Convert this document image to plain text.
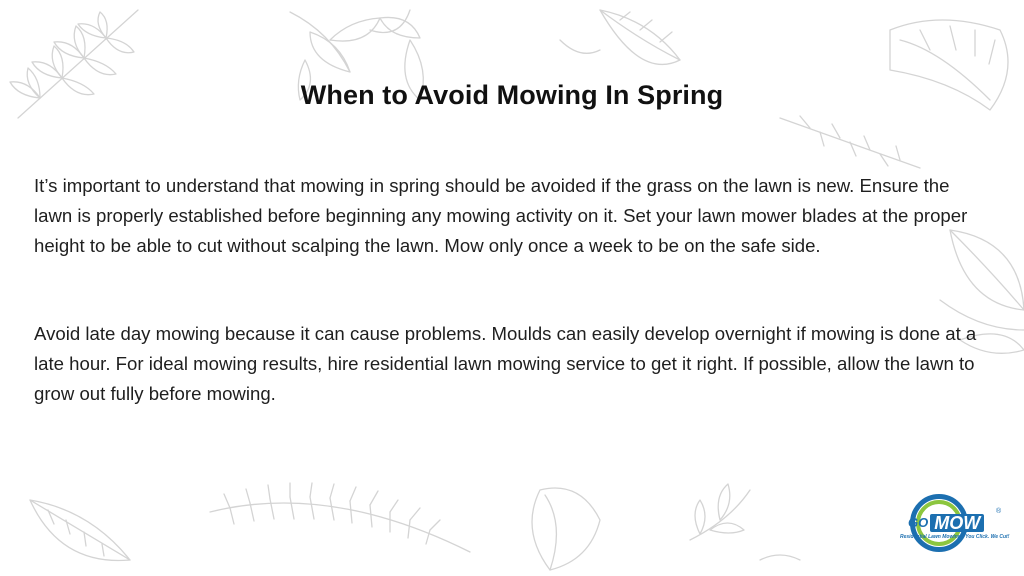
When to Avoid Mowing In Spring

It’s important to understand that mowing in spring should be avoided if the grass on the lawn is new. Ensure the lawn is properly established before beginning any mowing activity on it. Set your lawn mower blades at the proper height to be able to cut without scalping the lawn. Mow only once a week to be on the safe side.

Avoid late day mowing because it can cause problems. Moulds can easily develop overnight if mowing is done at a late hour. For ideal mowing results, hire residential lawn mowing service to get it right. If possible, allow the lawn to grow out fully before mowing.

GO MOW
®
Residential Lawn Mowing - You Click. We Cut!
